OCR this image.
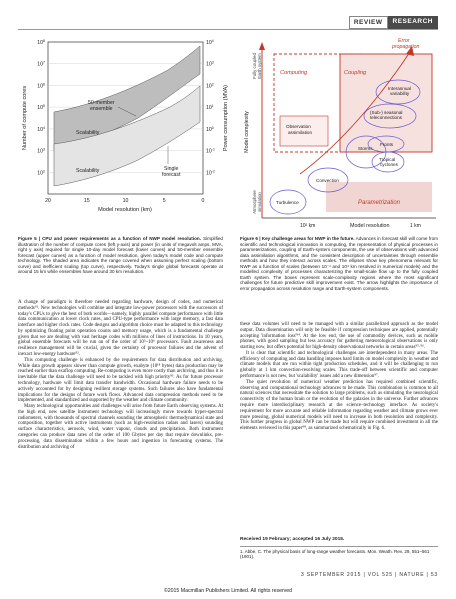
REVIEW	RESEARCH
$10^8$
$10^7$
$10^6$
$10^5$
$10^4$
$10^3$
$10^2$
$10^4$
$10^3$
$10^2$
$10^1$
$10^0$
$10^{-1}$
$10^{-2}$
20	15	10	5	0
Model resolution (km)
Number of compute cores	Power consumption (MVA)
50-member
ensemble
Single
forecast
Scalability
Scalability
Model complexity
Fully coupledEarth system
Atmospheresimulation
10² km	Model resolution	1 km
Computing	Coupling
Parametrization
Error
propagation
Interannual
variability
(Sub-) seasonal
teleconnections
Fronts
Tropical
cyclones
Storms
Convection
Turbulence
Observation
assimilation
Figure 5 | CPU and power requirements as a function of NWP model resolution. Simplified illustration of the number of compute cores (left y-axis) and power (in units of megavolt amps, MVA, right y axis) required for single 10-day model forecast (lower curves) and 50-member ensemble forecast (upper curves) as a function of model resolution, given today's model code and compute technology. The shaded area indicates the range covered when assuming perfect scaling (bottom curve) and inefficient scaling (top curve), respectively. Today's single global forecasts operate at around 15 km while ensembles have around 30 km resolution.
Figure 6 | Key challenge areas for NWP in the future. Advances in forecast skill will come from scientific and technological innovation in computing, the representation of physical processes in parameterizations, coupling of Earth-system components, the use of observations with advanced data assimilation algorithms, and the consistent description of uncertainties through ensemble methods and how they interact across scales. The ellipses show key phenomena relevant for NWP as a function of scales (between 10⁻¹ and 10⁴ km resolved in numerical models) and the modelled complexity of processes characterizing the small-scale flow up to the fully coupled Earth system. The boxes represent scale-complexity regions where the most significant challenges for future predictive skill improvement exist. The arrow highlights the importance of error propagation across resolution range and Earth-system components.

A change of paradigm is therefore needed regarding hardware, design of codes, and numerical methods⁹¹. New technologies will combine and integrate low-power processors with the successors of today's CPUs to give the best of both worlds—namely, highly parallel compute performance with little data communication at lower clock rates, and CPU-type performance with large memory, a fast data interface and higher clock rates. Code designs and algorithm choice must be adapted to this technology by optimizing floating point operation counts and memory usage, which is a fundamental challenge given that we are dealing with vast heritage codes with millions of lines of instructions. In 10 years, global ensemble forecasts will be run on of the order of 10⁵–10⁶ processors. Fault awareness and resilience management will be crucial, given the certainty of processor failures and the advent of inexact low-energy hardware⁹².

This computing challenge is enhanced by the requirements for data distribution and archiving. While data growth appears slower than compute growth, exabyte (10¹⁸ bytes) data production may be reached earlier than exaflop computing. Re-computing is even more costly than archiving, and thus it is inevitable that the data challenge will need to be tackled with high priority⁹³. As for future processor technology, hardware will limit data transfer bandwidth. Occasional hardware failure needs to be actively accounted for by designing resilient storage systems. Such failures also have fundamental implications for the designs of future work flows. Advanced data compression methods need to be implemented, and standardized and supported by the weather and climate community.

Many technological opportunities and challenges will arise from future Earth observing systems. At the high end, new satellite instrument technology will increasingly move towards hyper-spectral radiometers, with thousands of spectral channels sounding the atmospheric thermodynamical state and composition, together with active instruments (such as high-resolution radars and lasers) sounding surface characteristics, aerosols, wind, water vapour, clouds and precipitation. Both instrument categories can produce data rates of the order of 100 Gbytes per day that require downlinks, pre-processing, data dissemination within a few hours and ingestion in forecasting systems. The distribution and archiving of

these data volumes will need to be managed with a similar parallelized approach as the model output. Data dissemination will only be feasible if compression techniques are applied, potentially accepting 'information loss'⁹⁴. At the low end, the use of commodity devices, such as mobile phones, with good sampling but less accuracy for gathering meteorological observations is only starting now, but offers potential for high-density observational networks in certain areas⁹⁵·⁹⁶.

It is clear that scientific and technological challenges are interdependent in many areas. The efficiency of computing and data handling imposes hard limits on model complexity in weather and climate models that are run within tight production schedules, and it will be challenging to run globally at 1 km convection-resolving scales. This trade-off between scientific and computer performance is not new, but 'scalability' issues add a new dimension⁹⁷.

The quiet revolution of numerical weather prediction has required combined scientific, observing and computational technology advances to be made. This combination is common to all natural sciences that necessitate the solution to large problems, such as simulating the neurological connectivity of the human brain or the evolution of the galaxies in the universe. Further advances require more interdisciplinary research at the science–technology interface. As society's requirement for more accurate and reliable information regarding weather and climate grows ever more pressing, global numerical models will need to increase in both resolution and complexity. This further progress in global NWP can be made but will require combined investment in all the elements reviewed in this paper⁹⁸, as summarized schematically in Fig. 6.

Received 19 February; accepted 16 July 2015.
1. Abbe, C. The physical basis of long-range weather forecasts. Mon. Weath. Rev. 29, 551–561 (1901).
3 SEPTEMBER 2015 | VOL 525 | NATURE | 53
©2015 Macmillan Publishers Limited. All rights reserved
